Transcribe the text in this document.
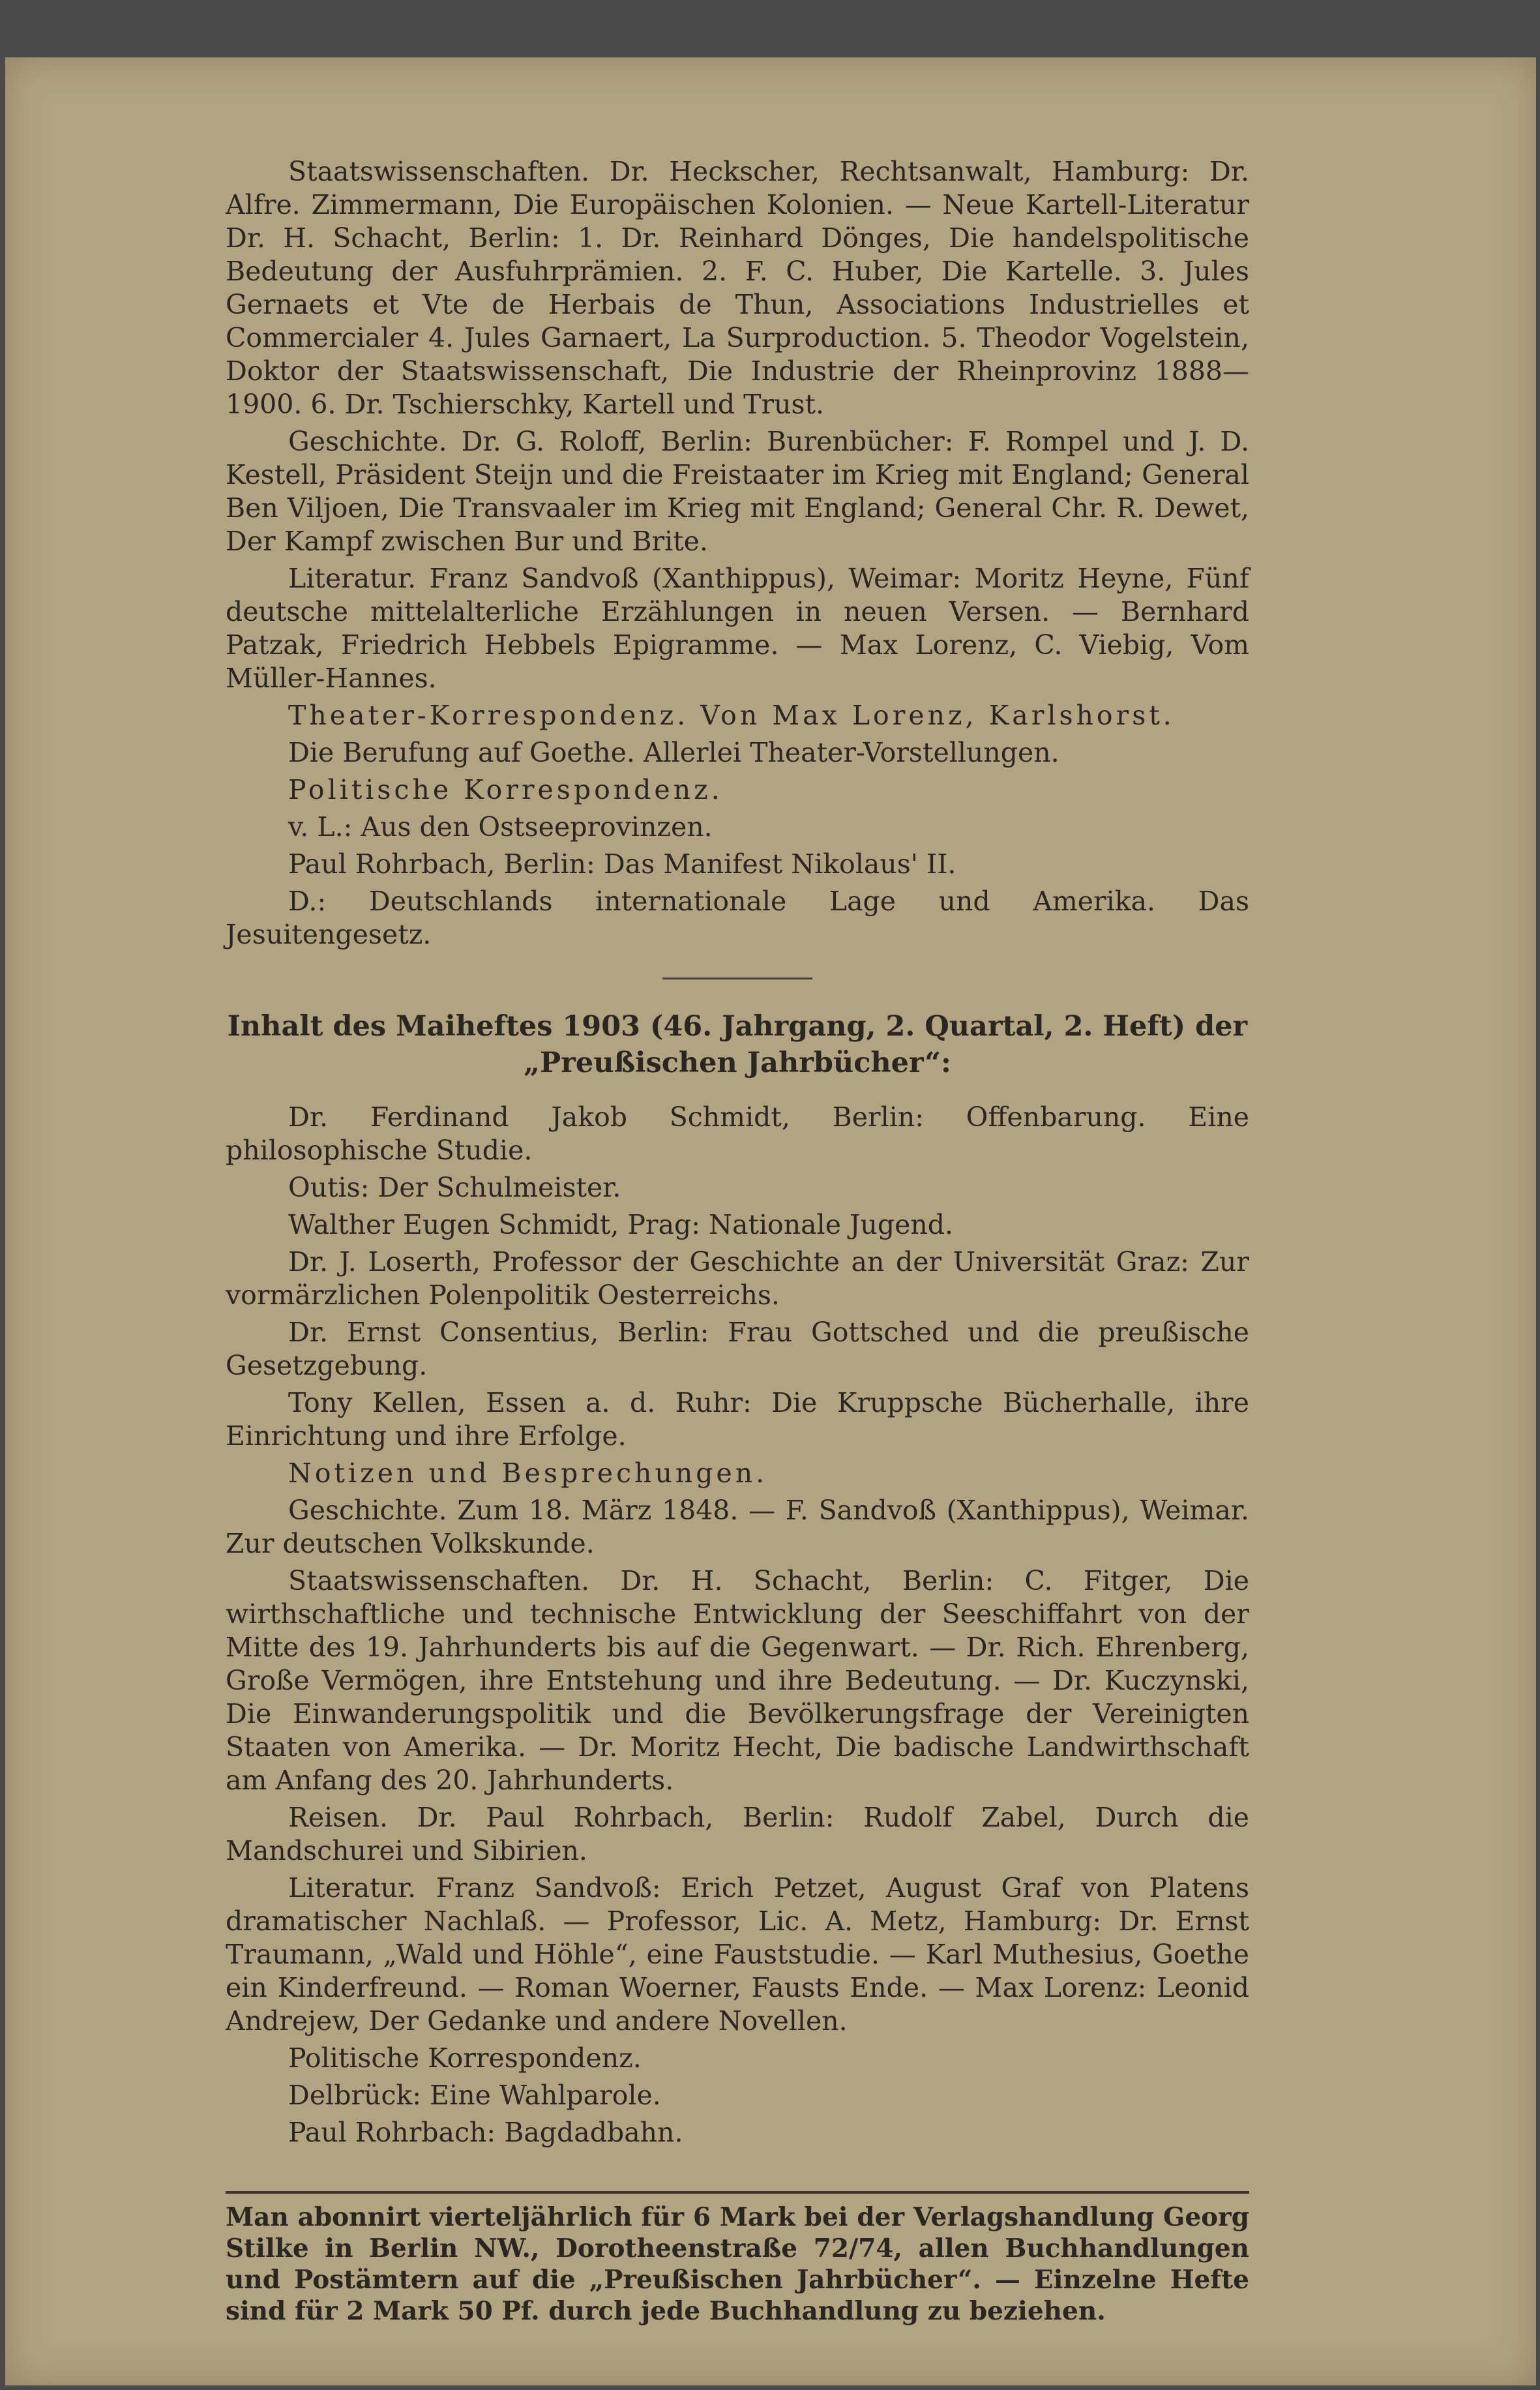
Staatswissenschaften. Dr. Heckscher, Rechtsanwalt, Hamburg: Dr. Alfre. Zimmermann, Die Europäischen Kolonien. — Neue Kartell-Literatur Dr. H. Schacht, Berlin: 1. Dr. Reinhard Dönges, Die handelspolitische Bedeutung der Ausfuhrprämien. 2. F. C. Huber, Die Kartelle. 3. Jules Gernaets et Vte de Herbais de Thun, Associations Industrielles et Commercialer 4. Jules Garnaert, La Surproduction. 5. Theodor Vogelstein, Doktor der Staatswissenschaft, Die Industrie der Rheinprovinz 1888—1900. 6. Dr. Tschierschky, Kartell und Trust.

Geschichte. Dr. G. Roloff, Berlin: Burenbücher: F. Rompel und J. D. Kestell, Präsident Steijn und die Freistaater im Krieg mit England; General Ben Viljoen, Die Transvaaler im Krieg mit England; General Chr. R. Dewet, Der Kampf zwischen Bur und Brite.

Literatur. Franz Sandvoß (Xanthippus), Weimar: Moritz Heyne, Fünf deutsche mittelalterliche Erzählungen in neuen Versen. — Bernhard Patzak, Friedrich Hebbels Epigramme. — Max Lorenz, C. Viebig, Vom Müller-Hannes.

Theater-Korrespondenz. Von Max Lorenz, Karlshorst.

Die Berufung auf Goethe. Allerlei Theater-Vorstellungen.

Politische Korrespondenz.

v. L.: Aus den Ostseeprovinzen.

Paul Rohrbach, Berlin: Das Manifest Nikolaus' II.

D.: Deutschlands internationale Lage und Amerika. Das Jesuitengesetz.

Inhalt des Maiheftes 1903 (46. Jahrgang, 2. Quartal, 2. Heft) der
„Preußischen Jahrbücher“:

Dr. Ferdinand Jakob Schmidt, Berlin: Offenbarung. Eine philosophische Studie.

Outis: Der Schulmeister.

Walther Eugen Schmidt, Prag: Nationale Jugend.

Dr. J. Loserth, Professor der Geschichte an der Universität Graz: Zur vormärzlichen Polenpolitik Oesterreichs.

Dr. Ernst Consentius, Berlin: Frau Gottsched und die preußische Gesetzgebung.

Tony Kellen, Essen a. d. Ruhr: Die Kruppsche Bücherhalle, ihre Einrichtung und ihre Erfolge.

Notizen und Besprechungen.

Geschichte. Zum 18. März 1848. — F. Sandvoß (Xanthippus), Weimar. Zur deutschen Volkskunde.

Staatswissenschaften. Dr. H. Schacht, Berlin: C. Fitger, Die wirthschaftliche und technische Entwicklung der Seeschiffahrt von der Mitte des 19. Jahrhunderts bis auf die Gegenwart. — Dr. Rich. Ehrenberg, Große Vermögen, ihre Entstehung und ihre Bedeutung. — Dr. Kuczynski, Die Einwanderungspolitik und die Bevölkerungsfrage der Vereinigten Staaten von Amerika. — Dr. Moritz Hecht, Die badische Landwirthschaft am Anfang des 20. Jahrhunderts.

Reisen. Dr. Paul Rohrbach, Berlin: Rudolf Zabel, Durch die Mandschurei und Sibirien.

Literatur. Franz Sandvoß: Erich Petzet, August Graf von Platens dramatischer Nachlaß. — Professor, Lic. A. Metz, Hamburg: Dr. Ernst Traumann, „Wald und Höhle“, eine Fauststudie. — Karl Muthesius, Goethe ein Kinderfreund. — Roman Woerner, Fausts Ende. — Max Lorenz: Leonid Andrejew, Der Gedanke und andere Novellen.

Politische Korrespondenz.

Delbrück: Eine Wahlparole.

Paul Rohrbach: Bagdadbahn.

Man abonnirt vierteljährlich für 6 Mark bei der Verlagshandlung Georg Stilke in Berlin NW., Dorotheenstraße 72/74, allen Buchhandlungen und Postämtern auf die „Preußischen Jahrbücher“. — Einzelne Hefte sind für 2 Mark 50 Pf. durch jede Buchhandlung zu beziehen.
